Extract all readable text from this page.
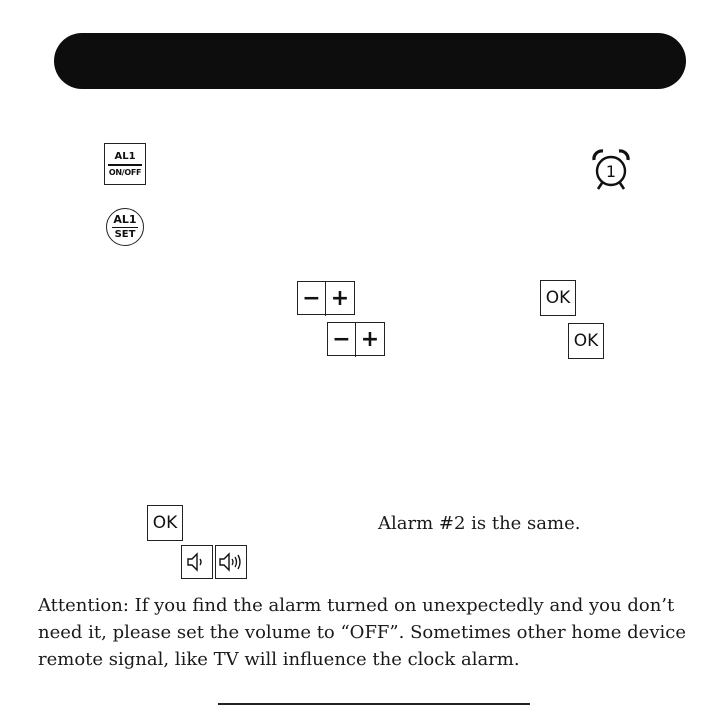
AL1
ON/OFF	1
AL1
SET
− +	OK
− +	OK
OK	Alarm #2 is the same.
Attention: If you find the alarm turned on unexpectedly and you don’t
need it, please set the volume to “OFF”. Sometimes other home device
remote signal, like TV will influence the clock alarm.
